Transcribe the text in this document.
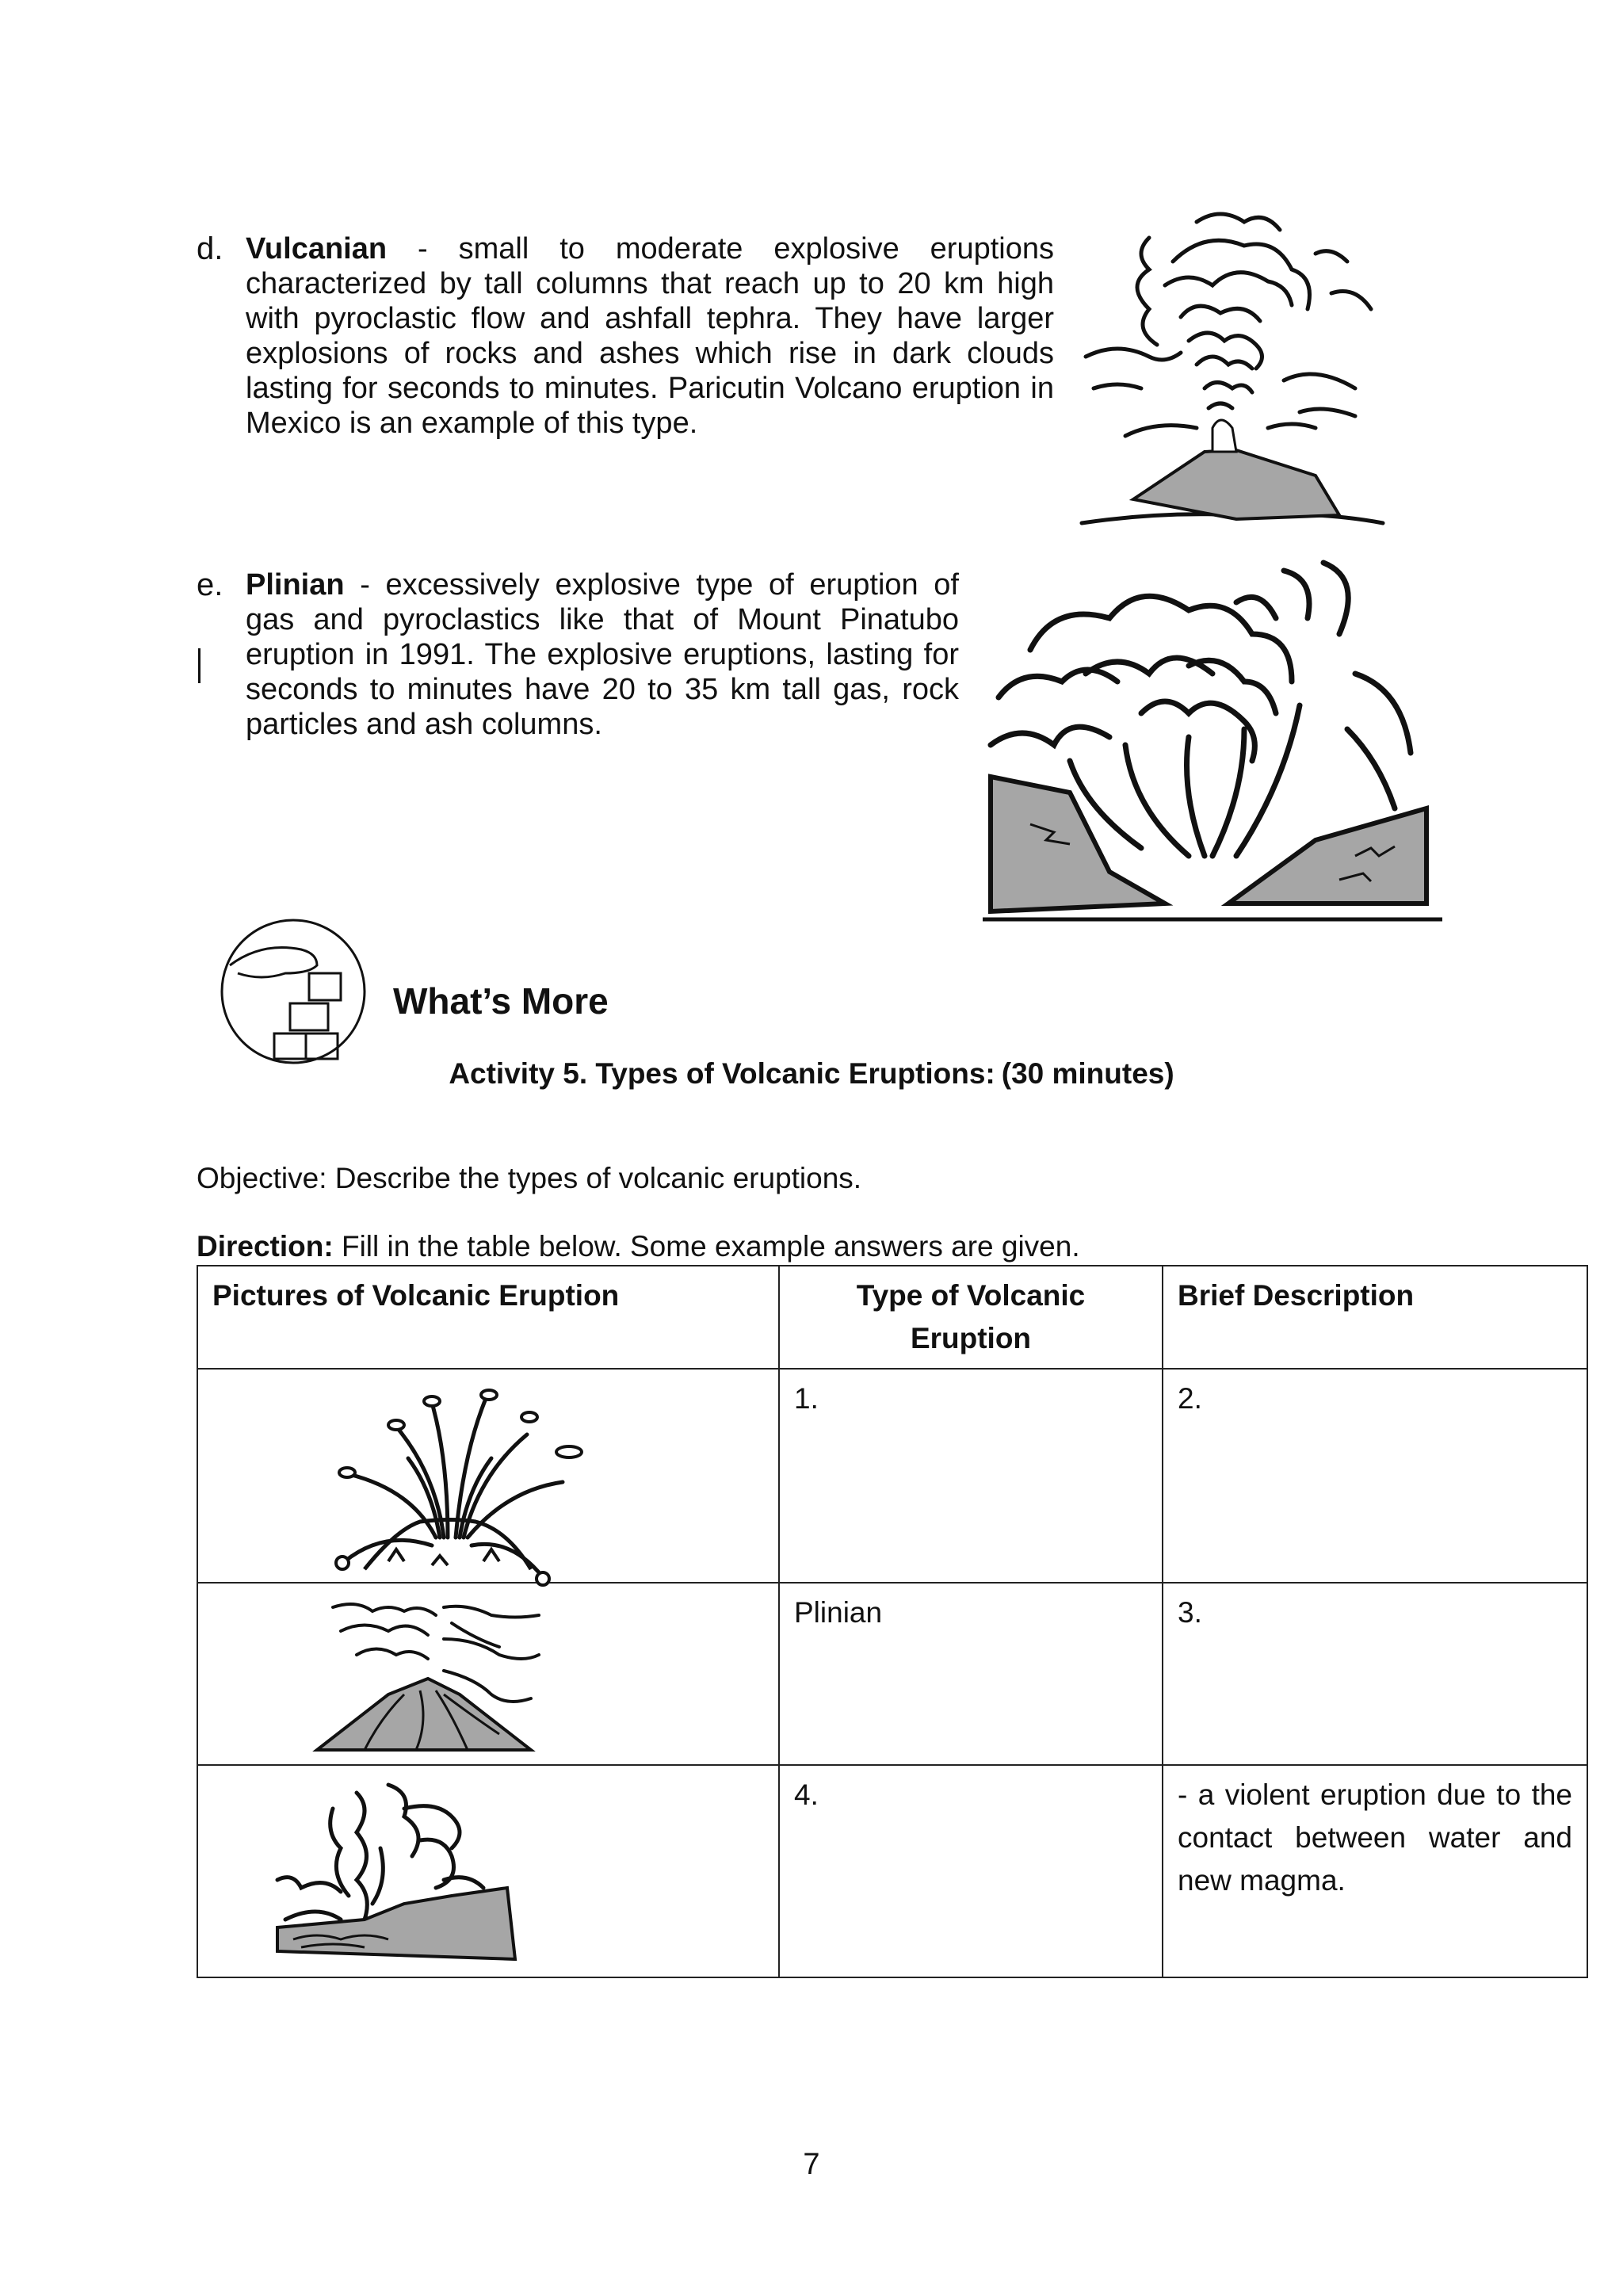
d. Vulcanian - small to moderate explosive eruptions characterized by tall columns that reach up to 20 km high with pyroclastic flow and ashfall tephra. They have larger explosions of rocks and ashes which rise in dark clouds lasting for seconds to minutes. Paricutin Volcano eruption in Mexico is an example of this type.
e. Plinian - excessively explosive type of eruption of gas and pyroclastics like that of Mount Pinatubo eruption in 1991. The explosive eruptions, lasting for seconds to minutes have 20 to 35 km tall gas, rock particles and ash columns.
What’s More
Activity 5. Types of Volcanic Eruptions: (30 minutes)
Objective: Describe the types of volcanic eruptions.
Direction: Fill in the table below. Some example answers are given.
Pictures of Volcanic Eruption	Type of Volcanic Eruption	Brief Description

	1.	2.

	Plinian	3.

	4.	- a violent eruption due to the contact between water and new magma.
7
